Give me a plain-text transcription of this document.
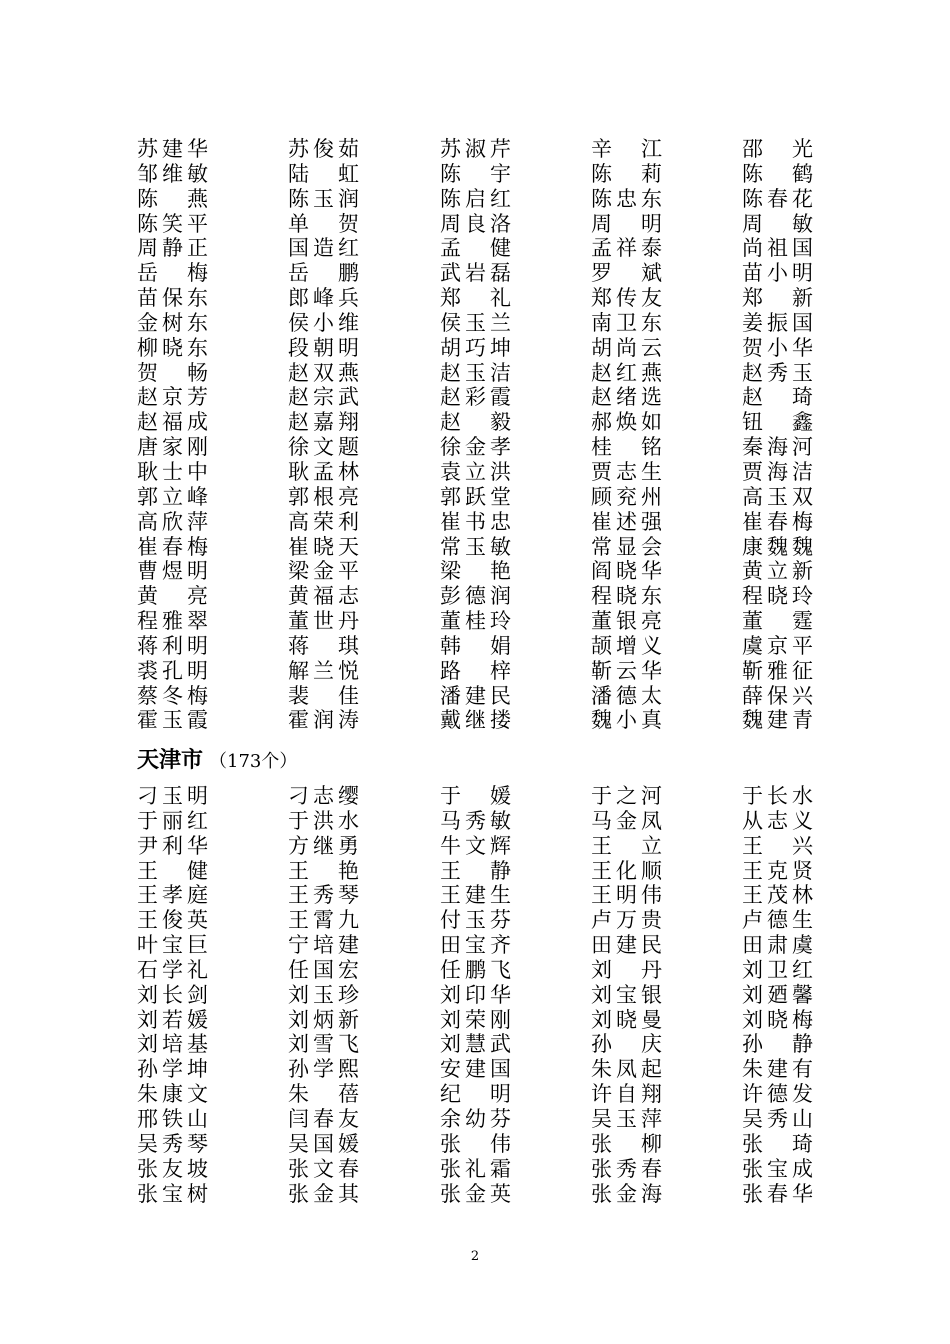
苏建华	苏俊茹	苏淑芹	辛　江	邵　光
邹维敏	陆　虹	陈　宇	陈　莉	陈　鹤
陈　燕	陈玉润	陈启红	陈忠东	陈春花
陈笑平	单　贺	周良洛	周　明	周　敏
周静正	国造红	孟　健	孟祥泰	尚祖国
岳　梅	岳　鹏	武岩磊	罗　斌	苗小明
苗保东	郎峰兵	郑　礼	郑传友	郑　新
金树东	侯小维	侯玉兰	南卫东	姜振国
柳晓东	段朝明	胡巧坤	胡尚云	贺小华
贺　畅	赵双燕	赵玉洁	赵红燕	赵秀玉
赵京芳	赵宗武	赵彩霞	赵绪选	赵　琦
赵福成	赵嘉翔	赵　毅	郝焕如	钮　鑫
唐家刚	徐文题	徐金孝	桂　铭	秦海河
耿士中	耿孟林	袁立洪	贾志生	贾海洁
郭立峰	郭根亮	郭跃堂	顾兖州	高玉双
高欣萍	高荣利	崔书忠	崔述强	崔春梅
崔春梅	崔晓天	常玉敏	常显会	康魏魏
曹煜明	梁金平	梁　艳	阎晓华	黄立新
黄　亮	黄福志	彭德润	程晓东	程晓玲
程雅翠	董世丹	董桂玲	董银亮	董　霆
蒋利明	蒋　琪	韩　娟	颉增义	虞京平
裘孔明	解兰悦	路　梓	靳云华	靳雅征
蔡冬梅	裴　佳	潘建民	潘德太	薛保兴
霍玉霞	霍润涛	戴继搂	魏小真	魏建青
天津市 （173个）
刁玉明	刁志缨	于　媛	于之河	于长水
于丽红	于洪水	马秀敏	马金凤	从志义
尹利华	方继勇	牛文辉	王　立	王　兴
王　健	王　艳	王　静	王化顺	王克贤
王孝庭	王秀琴	王建生	王明伟	王茂林
王俊英	王霄九	付玉芬	卢万贵	卢德生
叶宝巨	宁培建	田宝齐	田建民	田肃虞
石学礼	任国宏	任鹏飞	刘　丹	刘卫红
刘长剑	刘玉珍	刘印华	刘宝银	刘廼馨
刘若媛	刘炳新	刘荣刚	刘晓曼	刘晓梅
刘培基	刘雪飞	刘慧武	孙　庆	孙　静
孙学坤	孙学熙	安建国	朱凤起	朱建有
朱康文	朱　蓓	纪　明	许自翔	许德发
邢铁山	闫春友	余幼芬	吴玉萍	吴秀山
吴秀琴	吴国媛	张　伟	张　柳	张　琦
张友坡	张文春	张礼霜	张秀春	张宝成
张宝树	张金其	张金英	张金海	张春华
2
